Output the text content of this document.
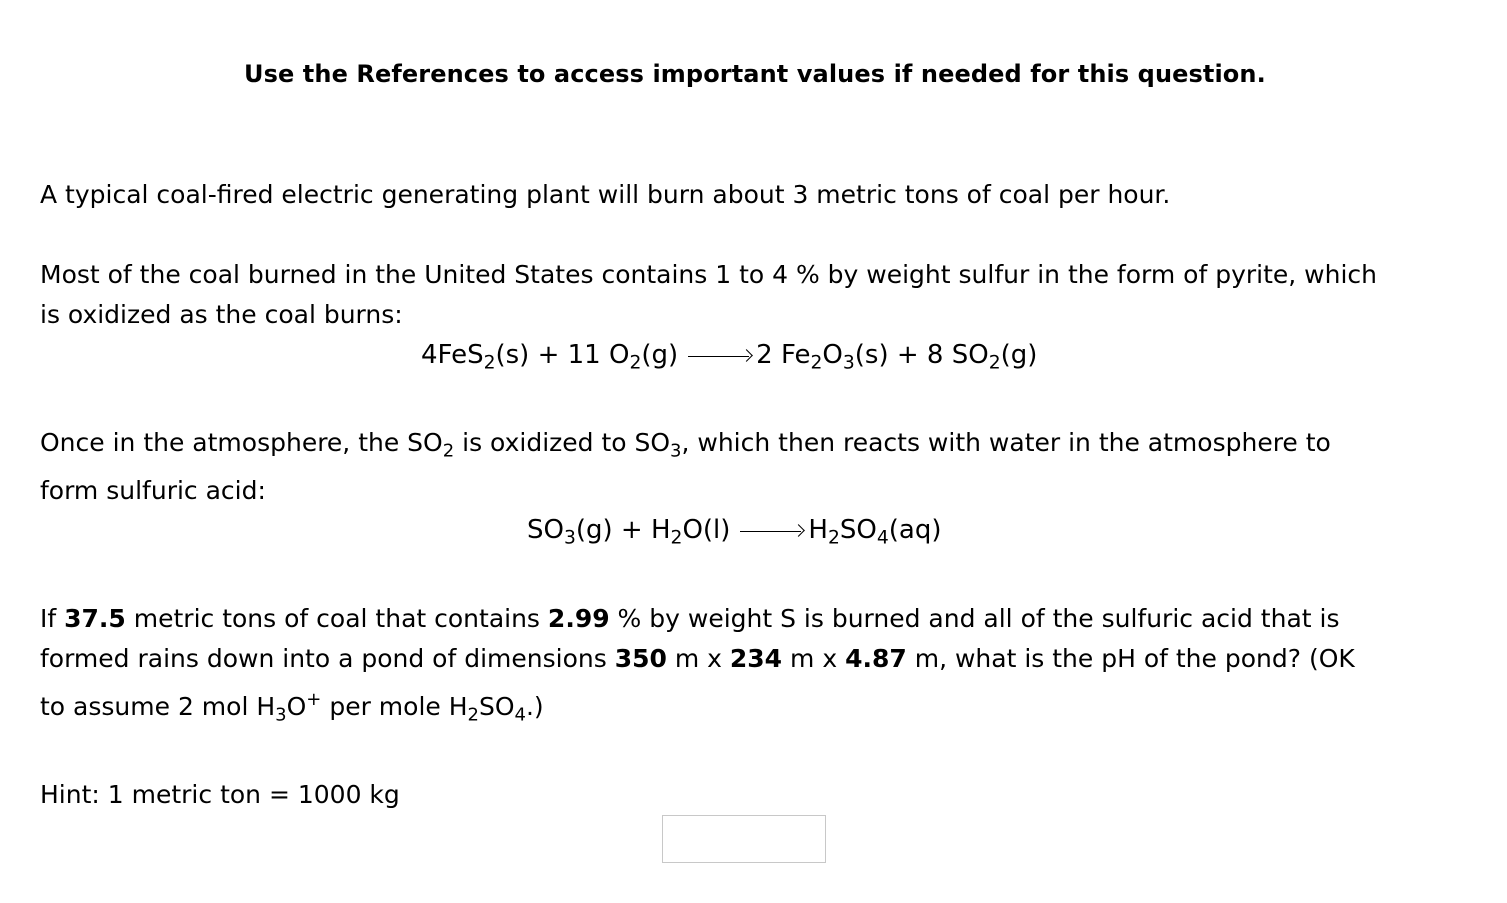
Use the References to access important values if needed for this question.
A typical coal-fired electric generating plant will burn about 3 metric tons of coal per hour.
Most of the coal burned in the United States contains 1 to 4 % by weight sulfur in the form of pyrite, which
is oxidized as the coal burns:
4FeS$_2$(s) + 11 $O_2(g)$	2 $Fe_2O_3(s) + 8$ $SO_2(g)$
Once in the atmosphere, the $SO_2$ is oxidized to $SO_3$, which then reacts with water in the atmosphere to
form sulfuric acid:
$SO_3(g) + H_2O(l)$	$H_2SO_4(aq)$
If 37.5 metric tons of coal that contains 2.99 % by weight S is burned and all of the sulfuric acid that is
formed rains down into a pond of dimensions 350 m x 234 m x 4.87 m, what is the pH of the pond? (OK
to assume 2 mol $H_3O^+$ per mole $H_2SO_4$.)
Hint: 1 metric ton = 1000 kg
